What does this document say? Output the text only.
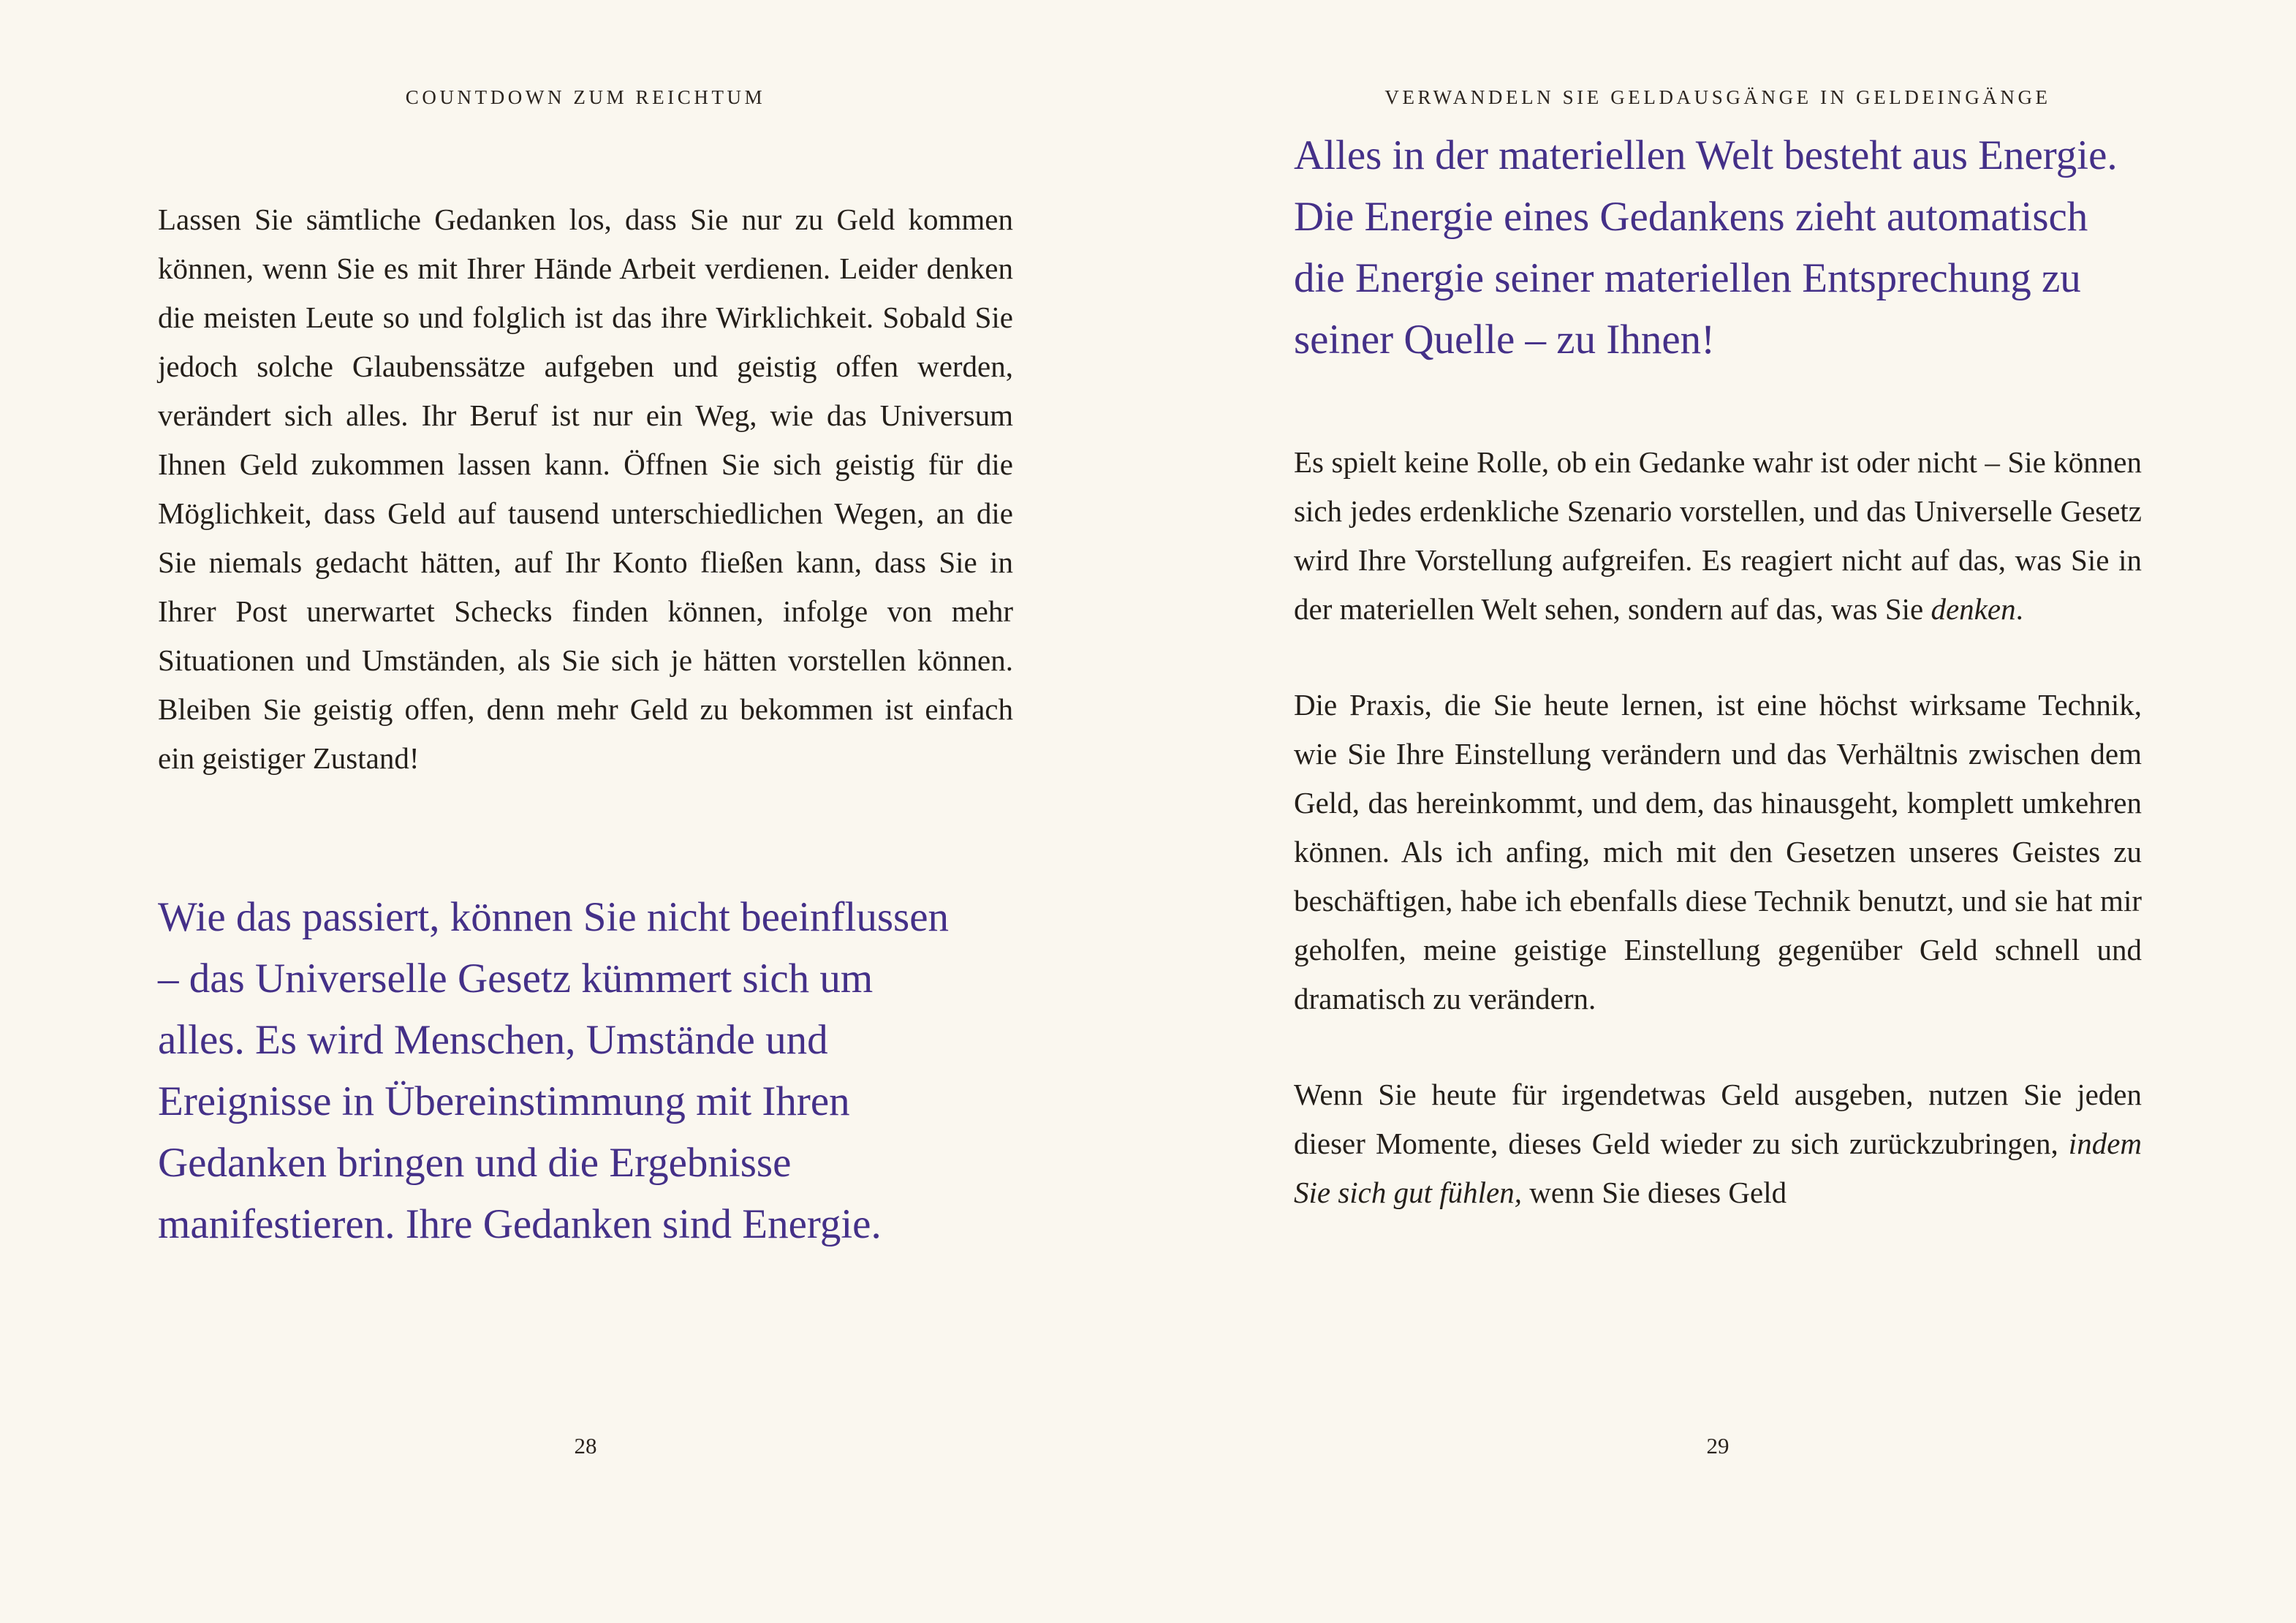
COUNTDOWN ZUM REICHTUM

Lassen Sie sämtliche Gedanken los, dass Sie nur zu Geld kommen können, wenn Sie es mit Ihrer Hände Arbeit verdienen. Leider denken die meisten Leute so und folglich ist das ihre Wirklichkeit. Sobald Sie jedoch solche Glaubenssätze aufgeben und geistig offen werden, verändert sich alles. Ihr Beruf ist nur ein Weg, wie das Universum Ihnen Geld zukommen lassen kann. Öffnen Sie sich geistig für die Möglichkeit, dass Geld auf tausend unterschiedlichen Wegen, an die Sie niemals gedacht hätten, auf Ihr Konto fließen kann, dass Sie in Ihrer Post unerwartet Schecks finden können, infolge von mehr Situationen und Umständen, als Sie sich je hätten vorstellen können. Bleiben Sie geistig offen, denn mehr Geld zu bekommen ist einfach ein geistiger Zustand!

Wie das passiert, können Sie nicht beeinflussen – das Universelle Gesetz kümmert sich um alles. Es wird Menschen, Umstände und Ereignisse in Übereinstimmung mit Ihren Gedanken bringen und die Ergebnisse manifestieren. Ihre Gedanken sind Energie.
28
VERWANDELN SIE GELDAUSGÄNGE IN GELDEINGÄNGE
Alles in der materiellen Welt besteht aus Energie. Die Energie eines Gedankens zieht automatisch die Energie seiner materiellen Entsprechung zu seiner Quelle – zu Ihnen!

Es spielt keine Rolle, ob ein Gedanke wahr ist oder nicht – Sie können sich jedes erdenkliche Szenario vorstellen, und das Universelle Gesetz wird Ihre Vorstellung aufgreifen. Es reagiert nicht auf das, was Sie in der materiellen Welt sehen, sondern auf das, was Sie denken.

Die Praxis, die Sie heute lernen, ist eine höchst wirksame Technik, wie Sie Ihre Einstellung verändern und das Verhältnis zwischen dem Geld, das hereinkommt, und dem, das hinausgeht, komplett umkehren können. Als ich anfing, mich mit den Gesetzen unseres Geistes zu beschäftigen, habe ich ebenfalls diese Technik benutzt, und sie hat mir geholfen, meine geistige Einstellung gegenüber Geld schnell und dramatisch zu verändern.

Wenn Sie heute für irgendetwas Geld ausgeben, nutzen Sie jeden dieser Momente, dieses Geld wieder zu sich zurückzubringen, indem Sie sich gut fühlen, wenn Sie dieses Geld

29
